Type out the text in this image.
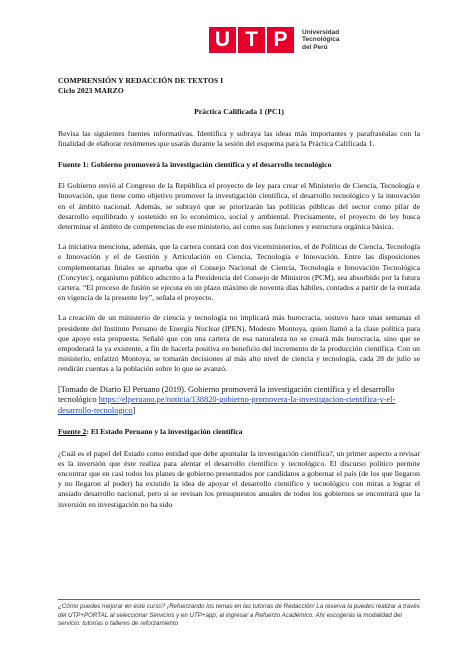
U T P	Universidad
Tecnológica
del Perú

COMPRENSIÓN Y REDACCIÓN DE TEXTOS I

Ciclo 2023 MARZO

Práctica Calificada 1 (PC1)

Revisa las siguientes fuentes informativas. Identifica y subraya las ideas más importantes y parafraséalas con la finalidad de elaborar resúmenes que usarás durante la sesión del esquema para la Práctica Calificada 1.

Fuente 1: Gobierno promoverá la investigación científica y el desarrollo tecnológico

El Gobierno envió al Congreso de la República el proyecto de ley para crear el Ministerio de Ciencia, Tecnología e Innovación, que tiene como objetivo promover la investigación científica, el desarrollo tecnológico y la innovación en el ámbito nacional. Además, se subrayó que se priorizarán las políticas públicas del sector como pilar de desarrollo equilibrado y sostenido en lo económico, social y ambiental. Precisamente, el proyecto de ley busca determinar el ámbito de competencias de ese ministerio, así como sus funciones y estructura orgánica básica.

La iniciativa menciona, además, que la cartera contará con dos viceministerios, el de Políticas de Ciencia, Tecnología e Innovación y el de Gestión y Articulación en Ciencia, Tecnología e Innovación. Entre las disposiciones complementarias finales se aprueba que el Consejo Nacional de Ciencia, Tecnología e Innovación Tecnológica (Concytec), organismo público adscrito a la Presidencia del Consejo de Ministros (PCM), sea absorbido por la futura cartera. “El proceso de fusión se ejecuta en un plazo máximo de noventa días hábiles, contados a partir de la entrada en vigencia de la presente ley”, señala el proyecto.

La creación de un ministerio de ciencia y tecnología no implicará más burocracia, sostuvo hace unas semanas el presidente del Instituto Peruano de Energía Nuclear (IPEN), Modesto Montoya, quien llamó a la clase política para que apoye esta propuesta. Señaló que con una cartera de esa naturaleza no se creará más burocracia, sino que se empoderará la ya existente, a fin de hacerla positiva en beneficio del incremento de la producción científica. Con un ministerio, enfatizó Montoya, se tomarán decisiones al más alto nivel de ciencia y tecnología, cada 28 de julio se rendirán cuentas a la población sobre lo que se avanzó.

[Tomado de Diario El Peruano (2019). Gobierno promoverá la investigación científica y el desarrollo tecnológico https://elperuano.pe/noticia/138820-gobierno-promovera-la-investigacion-cientifica-y-el-desarrollo-tecnologico]

Fuente 2: El Estado Peruano y la investigación científica

¿Cuál es el papel del Estado como entidad que debe apuntalar la investigación científica?, un primer aspecto a revisar es la inversión que éste realiza para alentar el desarrollo científico y tecnológico. El discurso político permite encontrar que en casi todos los planes de gobierno presentados por candidatos a gobernar el país (de los que llegaron y no llegaron al poder) ha existido la idea de apoyar el desarrollo científico y tecnológico con miras a lograr el ansiado desarrollo nacional, pero si se revisan los presupuestos anuales de todos los gobiernos se encontrará que la inversión en investigación no ha sido

¿Cómo puedes mejorar en este curso? ¡Refuerzando los temas en las tutorías de Redacción! La reserva la puedes realizar a través del UTP+PORTAL al seleccionar Servicios y en UTP+app, al ingresar a Refuerzo Académico. Ahí escogerás la modalidad del servicio: tutorías o talleres de reforzamiento
